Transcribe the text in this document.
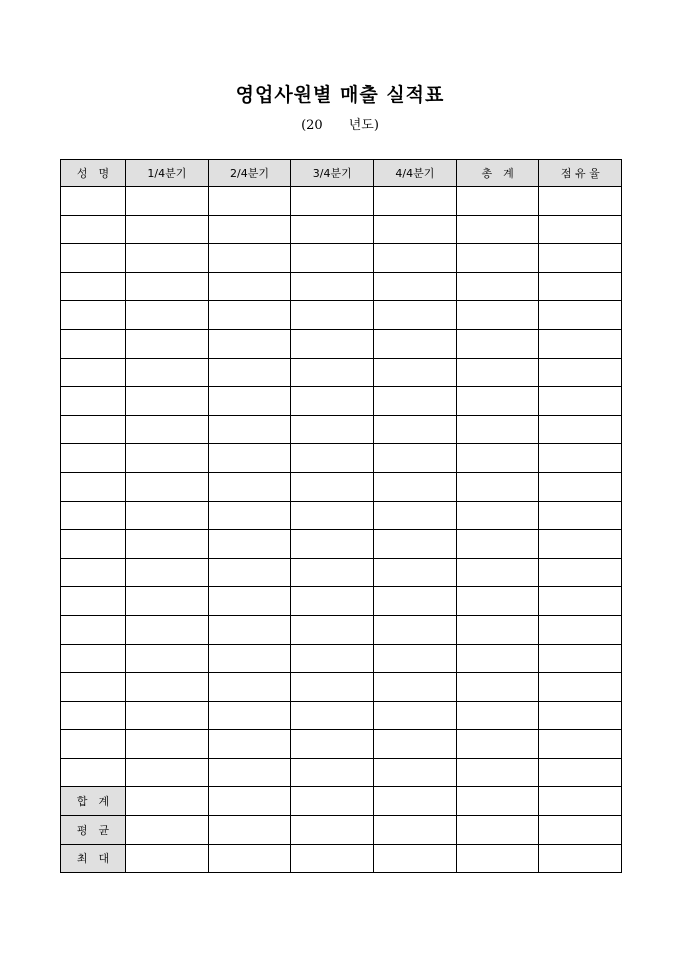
영업사원별 매출 실적표
(20　　년도)
성　명	1/4분기	2/4분기	3/4분기	4/4분기	총　계	점 유 율

합　계						
평　균						
최　대						
